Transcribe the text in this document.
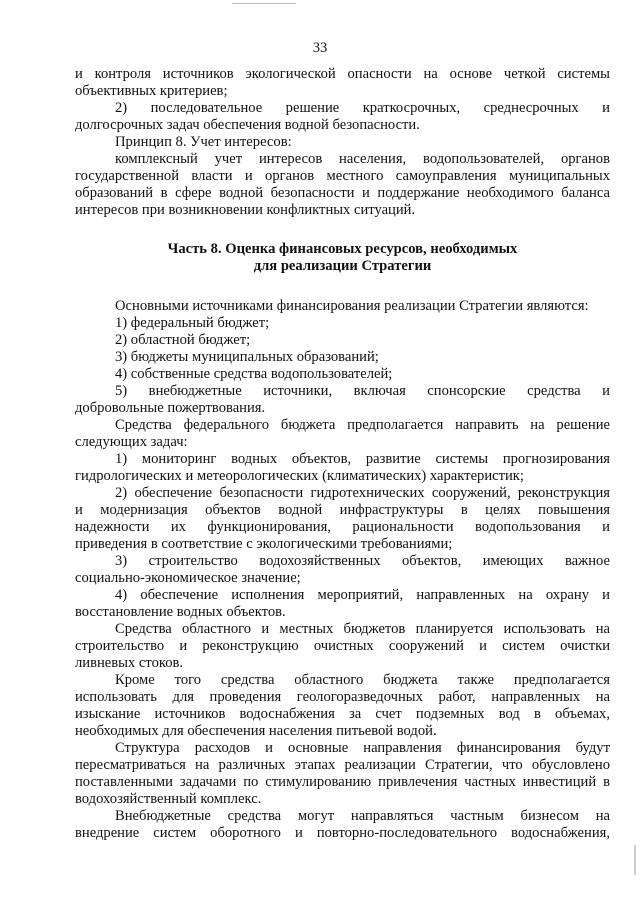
33

и контроля источников экологической опасности на основе четкой системы

объективных критериев;

2) последовательное решение краткосрочных, среднесрочных и

долгосрочных задач обеспечения водной безопасности.

Принцип 8. Учет интересов:

комплексный учет интересов населения, водопользователей, органов

государственной власти и органов местного самоуправления муниципальных

образований в сфере водной безопасности и поддержание необходимого баланса

интересов при возникновении конфликтных ситуаций.

Часть 8. Оценка финансовых ресурсов, необходимых
для реализации Стратегии

Основными источниками финансирования реализации Стратегии являются:

1) федеральный бюджет;

2) областной бюджет;

3) бюджеты муниципальных образований;

4) собственные средства водопользователей;

5) внебюджетные источники, включая спонсорские средства и

добровольные пожертвования.

Средства федерального бюджета предполагается направить на решение

следующих задач:

1) мониторинг водных объектов, развитие системы прогнозирования

гидрологических и метеорологических (климатических) характеристик;

2) обеспечение безопасности гидротехнических сооружений, реконструкция

и модернизация объектов водной инфраструктуры в целях повышения

надежности их функционирования, рациональности водопользования и

приведения в соответствие с экологическими требованиями;

3) строительство водохозяйственных объектов, имеющих важное

социально-экономическое значение;

4) обеспечение исполнения мероприятий, направленных на охрану и

восстановление водных объектов.

Средства областного и местных бюджетов планируется использовать на

строительство и реконструкцию очистных сооружений и систем очистки

ливневых стоков.

Кроме того средства областного бюджета также предполагается

использовать для проведения геологоразведочных работ, направленных на

изыскание источников водоснабжения за счет подземных вод в объемах,

необходимых для обеспечения населения питьевой водой.

Структура расходов и основные направления финансирования будут

пересматриваться на различных этапах реализации Стратегии, что обусловлено

поставленными задачами по стимулированию привлечения частных инвестиций в

водохозяйственный комплекс.

Внебюджетные средства могут направляться частным бизнесом на

внедрение систем оборотного и повторно-последовательного водоснабжения,
